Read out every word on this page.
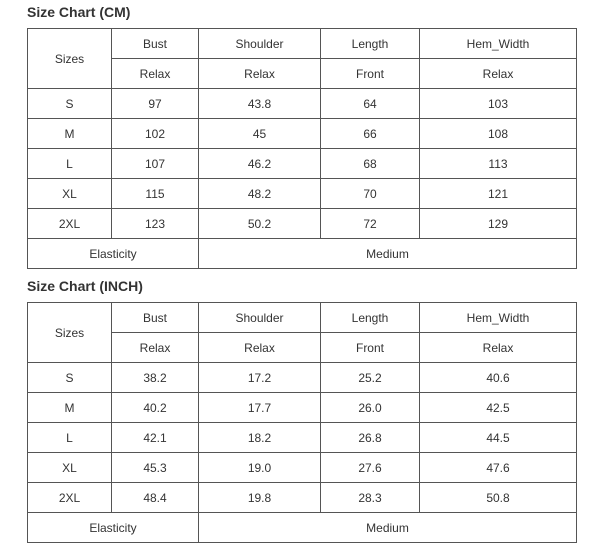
Size Chart (CM)
Sizes	Bust	Shoulder	Length	Hem_Width
	Relax	Relax	Front	Relax
S	97	43.8	64	103
M	102	45	66	108
L	107	46.2	68	113
XL	115	48.2	70	121
2XL	123	50.2	72	129
Elasticity		Medium		
Size Chart (INCH)
Sizes	Bust	Shoulder	Length	Hem_Width
	Relax	Relax	Front	Relax
S	38.2	17.2	25.2	40.6
M	40.2	17.7	26.0	42.5
L	42.1	18.2	26.8	44.5
XL	45.3	19.0	27.6	47.6
2XL	48.4	19.8	28.3	50.8
Elasticity		Medium		
